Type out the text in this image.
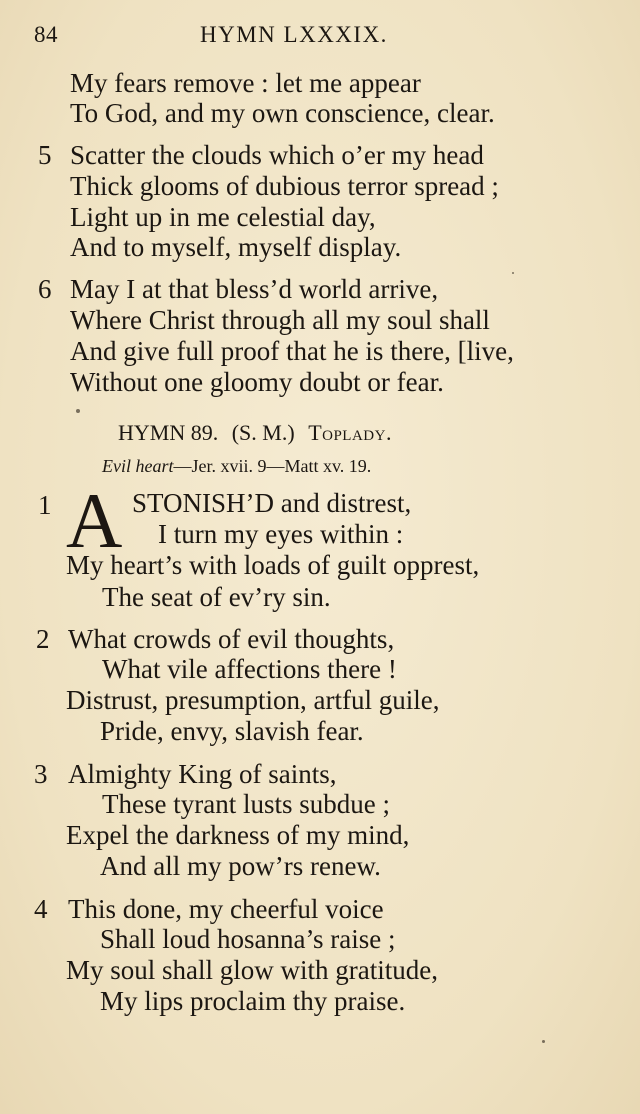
84	HYMN LXXXIX.
My fears remove : let me appear
To God, and my own conscience, clear.
5 Scatter the clouds which o’er my head
Thick glooms of dubious terror spread ;
Light up in me celestial day,
And to myself, myself display.
6 May I at that bless’d world arrive,
Where Christ through all my soul shall
And give full proof that he is there, [live,
Without one gloomy doubt or fear.
HYMN 89. (S. M.) Toplady.
Evil heart—Jer. xvii. 9—Matt xv. 19.
1 A STONISH’D and distrest,
I turn my eyes within :
My heart’s with loads of guilt opprest,
The seat of ev’ry sin.
2 What crowds of evil thoughts,
What vile affections there !
Distrust, presumption, artful guile,
Pride, envy, slavish fear.
3 Almighty King of saints,
These tyrant lusts subdue ;
Expel the darkness of my mind,
And all my pow’rs renew.
4 This done, my cheerful voice
Shall loud hosanna’s raise ;
My soul shall glow with gratitude,
My lips proclaim thy praise.
